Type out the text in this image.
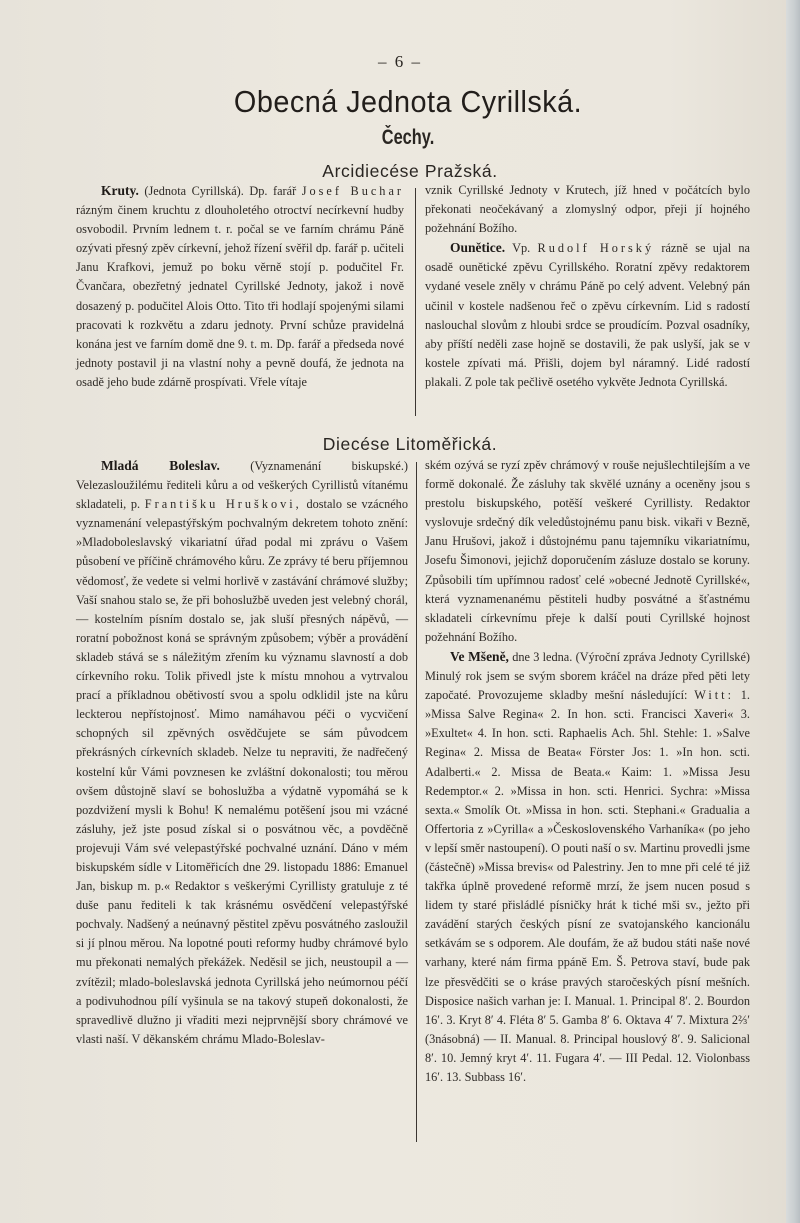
– 6 –
Obecná Jednota Cyrillská.
Čechy.
Arcidiecése Pražská.

Kruty. (Jednota Cyrillská). Dp. farář Josef Buchar rázným činem kruchtu z dlouholetého otroctví necírkevní hudby osvobodil. Prvním lednem t. r. počal se ve farním chrámu Páně ozývati přesný zpěv církevní, jehož řízení svěřil dp. farář p. učiteli Janu Krafkovi, jemuž po boku věrně stojí p. podučitel Fr. Čvančara, obezřetný jednatel Cyrillské Jednoty, jakož i nově dosazený p. podučitel Alois Otto. Tito tři hodlají spojenými silami pracovati k rozkvětu a zdaru jednoty. První schůze pravidelná konána jest ve farním domě dne 9. t. m. Dp. farář a předseda nové jednoty postavil ji na vlastní nohy a pevně doufá, že jednota na osadě jeho bude zdárně prospívati. Vřele vítaje

vznik Cyrillské Jednoty v Krutech, jíž hned v počátcích bylo překonati neočekávaný a zlomyslný odpor, přeji jí hojného požehnání Božího.

Ounětice. Vp. Rudolf Horský rázně se ujal na osadě ounětické zpěvu Cyrillského. Roratní zpěvy redaktorem vydané vesele zněly v chrámu Páně po celý advent. Velebný pán učinil v kostele nadšenou řeč o zpěvu církevním. Lid s radostí naslouchal slovům z hloubi srdce se proudícím. Pozval osadníky, aby příští neděli zase hojně se dostavili, že pak uslyší, jak se v kostele zpívati má. Přišli, dojem byl náramný. Lidé radostí plakali. Z pole tak pečlivě osetého vykvěte Jednota Cyrillská.

Diecése Litoměřická.

Mladá Boleslav. (Vyznamenání biskupské.) Velezasloužilému řediteli kůru a od veškerých Cyrillistů vítanému skladateli, p. Františku Hruškovi, dostalo se vzácného vyznamenání velepastýřským pochvalným dekretem tohoto znění: »Mladoboleslavský vikariatní úřad podal mi zprávu o Vašem působení ve příčině chrámového kůru. Ze zprávy té beru příjemnou vědomosť, že vedete si velmi horlivě v zastávání chrámové služby; Vaší snahou stalo se, že při bohoslužbě uveden jest velebný chorál, — kostelním písním dostalo se, jak sluší přesných nápěvů, — roratní pobožnost koná se správným způsobem; výběr a provádění skladeb stává se s náležitým zřením ku významu slavností a dob církevního roku. Tolik přivedl jste k místu mnohou a vytrvalou prací a příkladnou obětivostí svou a spolu odklidil jste na kůru leckterou nepřístojnosť. Mimo namáhavou péči o vycvičení schopných sil zpěvných osvědčujete se sám původcem překrásných církevních skladeb. Nelze tu nepraviti, že nadřečený kostelní kůr Vámi povznesen ke zvláštní dokonalosti; tou měrou ovšem důstojně slaví se bohoslužba a výdatně vypomáhá se k pozdvižení mysli k Bohu! K nemalému potěšení jsou mi vzácné zásluhy, jež jste posud získal si o posvátnou věc, a povděčně projevuji Vám své velepastýřské pochvalné uznání. Dáno v mém biskupském sídle v Litoměřicích dne 29. listopadu 1886: Emanuel Jan, biskup m. p.« Redaktor s veškerými Cyrillisty gratuluje z té duše panu řediteli k tak krásnému osvědčení velepastýřské pochvaly. Nadšený a neúnavný pěstitel zpěvu posvátného zasloužil si jí plnou měrou. Na lopotné pouti reformy hudby chrámové bylo mu překonati nemalých překážek. Neděsil se jich, neustoupil a — zvítězil; mlado-boleslavská jednota Cyrillská jeho neúmornou péčí a podivuhodnou pílí vyšinula se na takový stupeň dokonalosti, že spravedlivě dlužno ji vřaditi mezi nejprvnější sbory chrámové ve vlasti naší. V děkanském chrámu Mlado-Boleslav-

ském ozývá se ryzí zpěv chrámový v rouše nejušlechtilejším a ve formě dokonalé. Že zásluhy tak skvělé uznány a oceněny jsou s prestolu biskupského, potěší veškeré Cyrillisty. Redaktor vyslovuje srdečný dík veledůstojnému panu bisk. vikaři v Bezně, Janu Hrušovi, jakož i důstojnému panu tajemníku vikariatnímu, Josefu Šimonovi, jejichž doporučením zásluze dostalo se koruny. Způsobili tím upřímnou radosť celé »obecné Jednotě Cyrillské«, která vyznamenanému pěstiteli hudby posvátné a šťastnému skladateli církevnímu přeje k další pouti Cyrillské hojnost požehnání Božího.

Ve Mšeně, dne 3 ledna. (Výroční zpráva Jednoty Cyrillské) Minulý rok jsem se svým sborem kráčel na dráze před pěti lety započaté. Provozujeme skladby mešní následující: Witt: 1. »Missa Salve Regina« 2. In hon. scti. Francisci Xaveri« 3. »Exultet« 4. In hon. scti. Raphaelis Ach. 5hl. Stehle: 1. »Salve Regina« 2. Missa de Beata« Förster Jos: 1. »In hon. scti. Adalberti.« 2. Missa de Beata.« Kaim: 1. »Missa Jesu Redemptor.« 2. »Missa in hon. scti. Henrici. Sychra: »Missa sexta.« Smolík Ot. »Missa in hon. scti. Stephani.« Gradualia a Offertoria z »Cyrilla« a »Československého Varhaníka« (po jeho v lepší směr nastoupení). O pouti naší o sv. Martinu provedli jsme (částečně) »Missa brevis« od Palestriny. Jen to mne při celé té již takřka úplně provedené reformě mrzí, že jsem nucen posud s lidem ty staré přisládlé písničky hrát k tiché mši sv., ježto při zavádění starých českých písní ze svatojanského kancionálu setkávám se s odporem. Ale doufám, že až budou státi naše nové varhany, které nám firma ppáně Em. Š. Petrova staví, bude pak lze přesvědčiti se o kráse pravých staročeských písní mešních. Disposice našich varhan je: I. Manual. 1. Principal 8′. 2. Bourdon 16′. 3. Kryt 8′ 4. Fléta 8′ 5. Gamba 8′ 6. Oktava 4′ 7. Mixtura 2⅔′ (3násobná) — II. Manual. 8. Principal houslový 8′. 9. Salicional 8′. 10. Jemný kryt 4′. 11. Fugara 4′. — III Pedal. 12. Violonbass 16′. 13. Subbass 16′.
